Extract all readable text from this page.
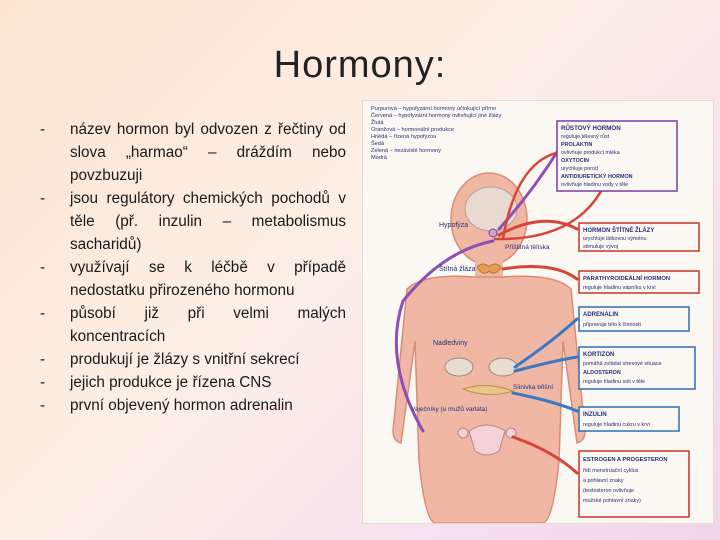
Hormony:
- název hormon byl odvozen z řečtiny od slova „harmao“ – dráždím nebo povzbuzuji
- jsou regulátory chemických pochodů v těle (př. inzulin – metabolismus sacharidů)
- využívají se k léčbě v případě nedostatku přirozeného hormonu
- působí již při velmi malých koncentracích
- produkují je žlázy s vnitřní sekrecí
- jejich produkce je řízena CNS
- první objevený hormon adrenalin
Purpurová – hypofyzární hormony účinkující přímo
Červená – hypofyzární hormony ovlivňující jiné žlázy
Žlutá
Oranžová – hormonální produkce
Hnědá – řízená hypofýzou
Šedá
Zelená – nezávislé hormony
Modrá
Hypofýza
Štítná žláza
Příštitná tělíska
Nadledviny
Slinivka břišní
Vaječníky (u mužů varlata)
RŮSTOVÝ HORMON
reguluje tělesný růst
PROLAKTIN
ovlivňuje produkci mléka
OXYTOCIN
urychluje porod
ANTIDIURETICKÝ HORMON
ovlivňuje hladinu vody v těle
HORMON ŠTÍTNÉ ŽLÁZY
urychluje látkovou výměnu
stimuluje vývoj
PARATHYROIDEÁLNÍ HORMON
reguluje hladinu vápníku v krvi
ADRENALIN
připravuje tělo k činnosti
KORTIZON
pomáhá zvládat stresové situace
ALDOSTERON
reguluje hladinu soli v těle
INZULIN
reguluje hladinu cukru v krvi
ESTROGEN A PROGESTERON
řídí menstruační cyklus
a pohlavní znaky
(testosteron ovlivňuje
mužské pohlavní znaky)
